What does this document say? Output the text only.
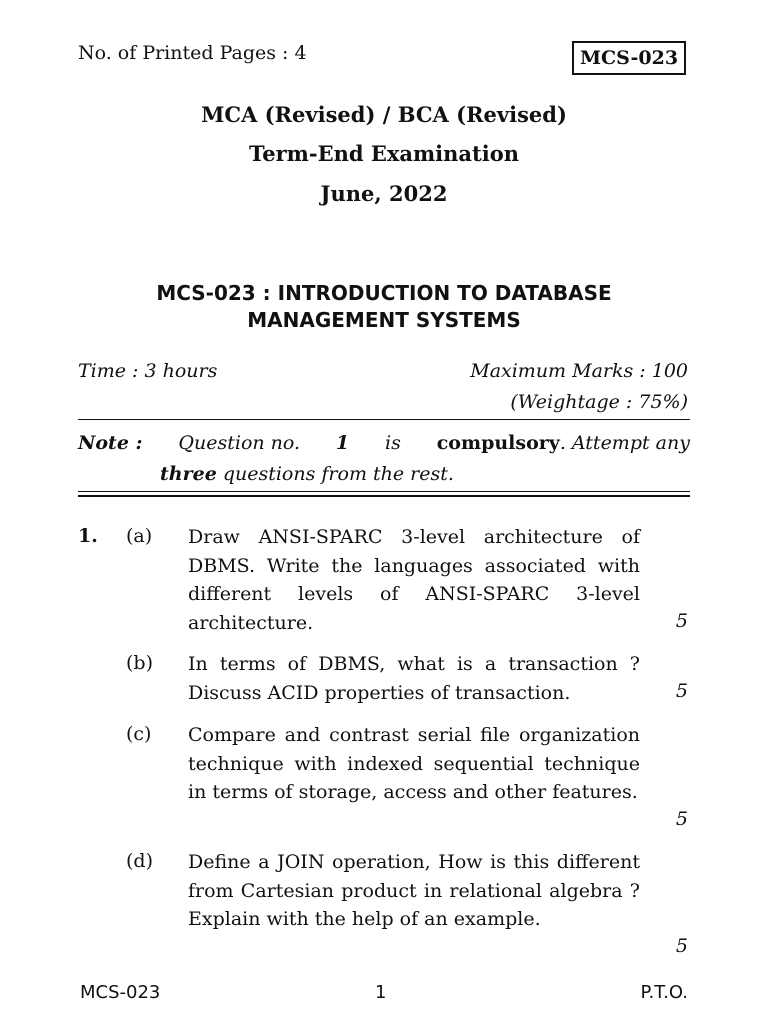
No. of Printed Pages : 4	MCS-023
MCA (Revised) / BCA (Revised)
Term-End Examination
June, 2022
MCS-023 : INTRODUCTION TO DATABASE
MANAGEMENT SYSTEMS
Time : 3 hours	Maximum Marks : 100
(Weightage : 75%)
Note : Question no. 1 is compulsory. Attempt any
three questions from the rest.
1. (a) Draw ANSI-SPARC 3-level architecture of DBMS. Write the languages associated with different levels of ANSI-SPARC 3-level architecture.	5
(b) In terms of DBMS, what is a transaction ? Discuss ACID properties of transaction.	5
(c) Compare and contrast serial file organization technique with indexed sequential technique in terms of storage, access and other features.
5
(d) Define a JOIN operation, How is this different from Cartesian product in relational algebra ? Explain with the help of an example.
5
MCS-023	1	P.T.O.
